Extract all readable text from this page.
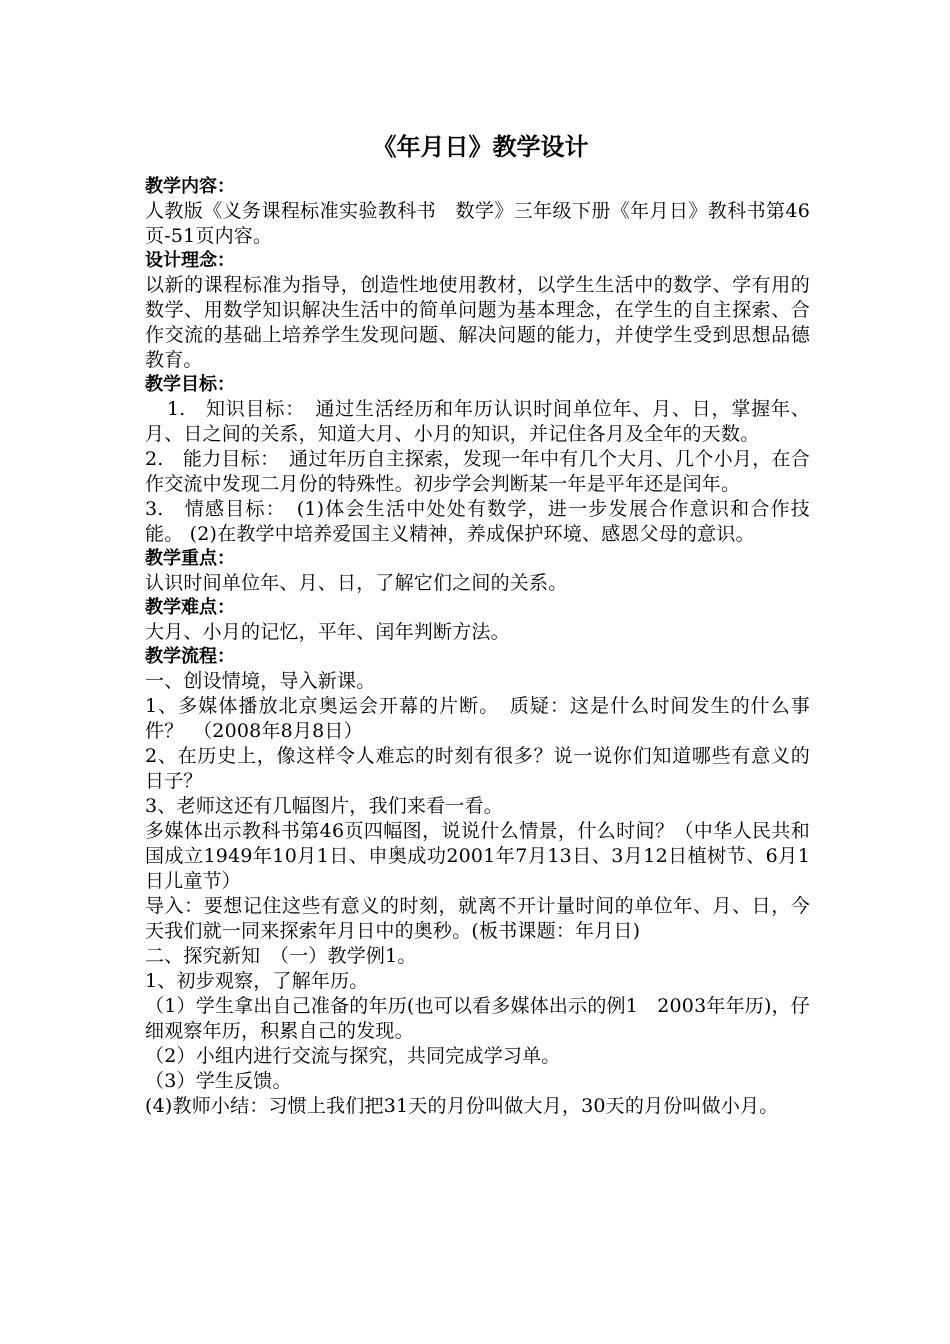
《年月日》教学设计
教学内容：

人教版《义务课程标准实验教科书　数学》三年级下册《年月日》教科书第46页-51页内容。

设计理念：

以新的课程标准为指导，创造性地使用教材，以学生生活中的数学、学有用的数学、用数学知识解决生活中的简单问题为基本理念，在学生的自主探索、合作交流的基础上培养学生发现问题、解决问题的能力，并使学生受到思想品德教育。

教学目标：

1.　知识目标：　通过生活经历和年历认识时间单位年、月、日，掌握年、月、日之间的关系，知道大月、小月的知识，并记住各月及全年的天数。

2.　能力目标：　通过年历自主探索，发现一年中有几个大月、几个小月，在合作交流中发现二月份的特殊性。初步学会判断某一年是平年还是闰年。

3.　情感目标：　(1)体会生活中处处有数学，进一步发展合作意识和合作技能。 (2)在教学中培养爱国主义精神，养成保护环境、感恩父母的意识。

教学重点：

认识时间单位年、月、日，了解它们之间的关系。

教学难点：

大月、小月的记忆，平年、闰年判断方法。

教学流程：

一、创设情境，导入新课。

1、多媒体播放北京奥运会开幕的片断。　质疑：这是什么时间发生的什么事件？　（2008年8月8日）

2、在历史上，像这样令人难忘的时刻有很多？说一说你们知道哪些有意义的日子？

3、老师这还有几幅图片，我们来看一看。

多媒体出示教科书第46页四幅图，说说什么情景，什么时间？（中华人民共和国成立1949年10月1日、申奥成功2001年7月13日、3月12日植树节、6月1日儿童节）

导入：要想记住这些有意义的时刻，就离不开计量时间的单位年、月、日，今天我们就一同来探索年月日中的奥秒。(板书课题：年月日)

二、探究新知　（一）教学例1。

1、初步观察，了解年历。

（1）学生拿出自己准备的年历(也可以看多媒体出示的例1　2003年年历)，仔细观察年历，积累自己的发现。

（2）小组内进行交流与探究，共同完成学习单。

（3）学生反馈。

(4)教师小结：习惯上我们把31天的月份叫做大月，30天的月份叫做小月。
